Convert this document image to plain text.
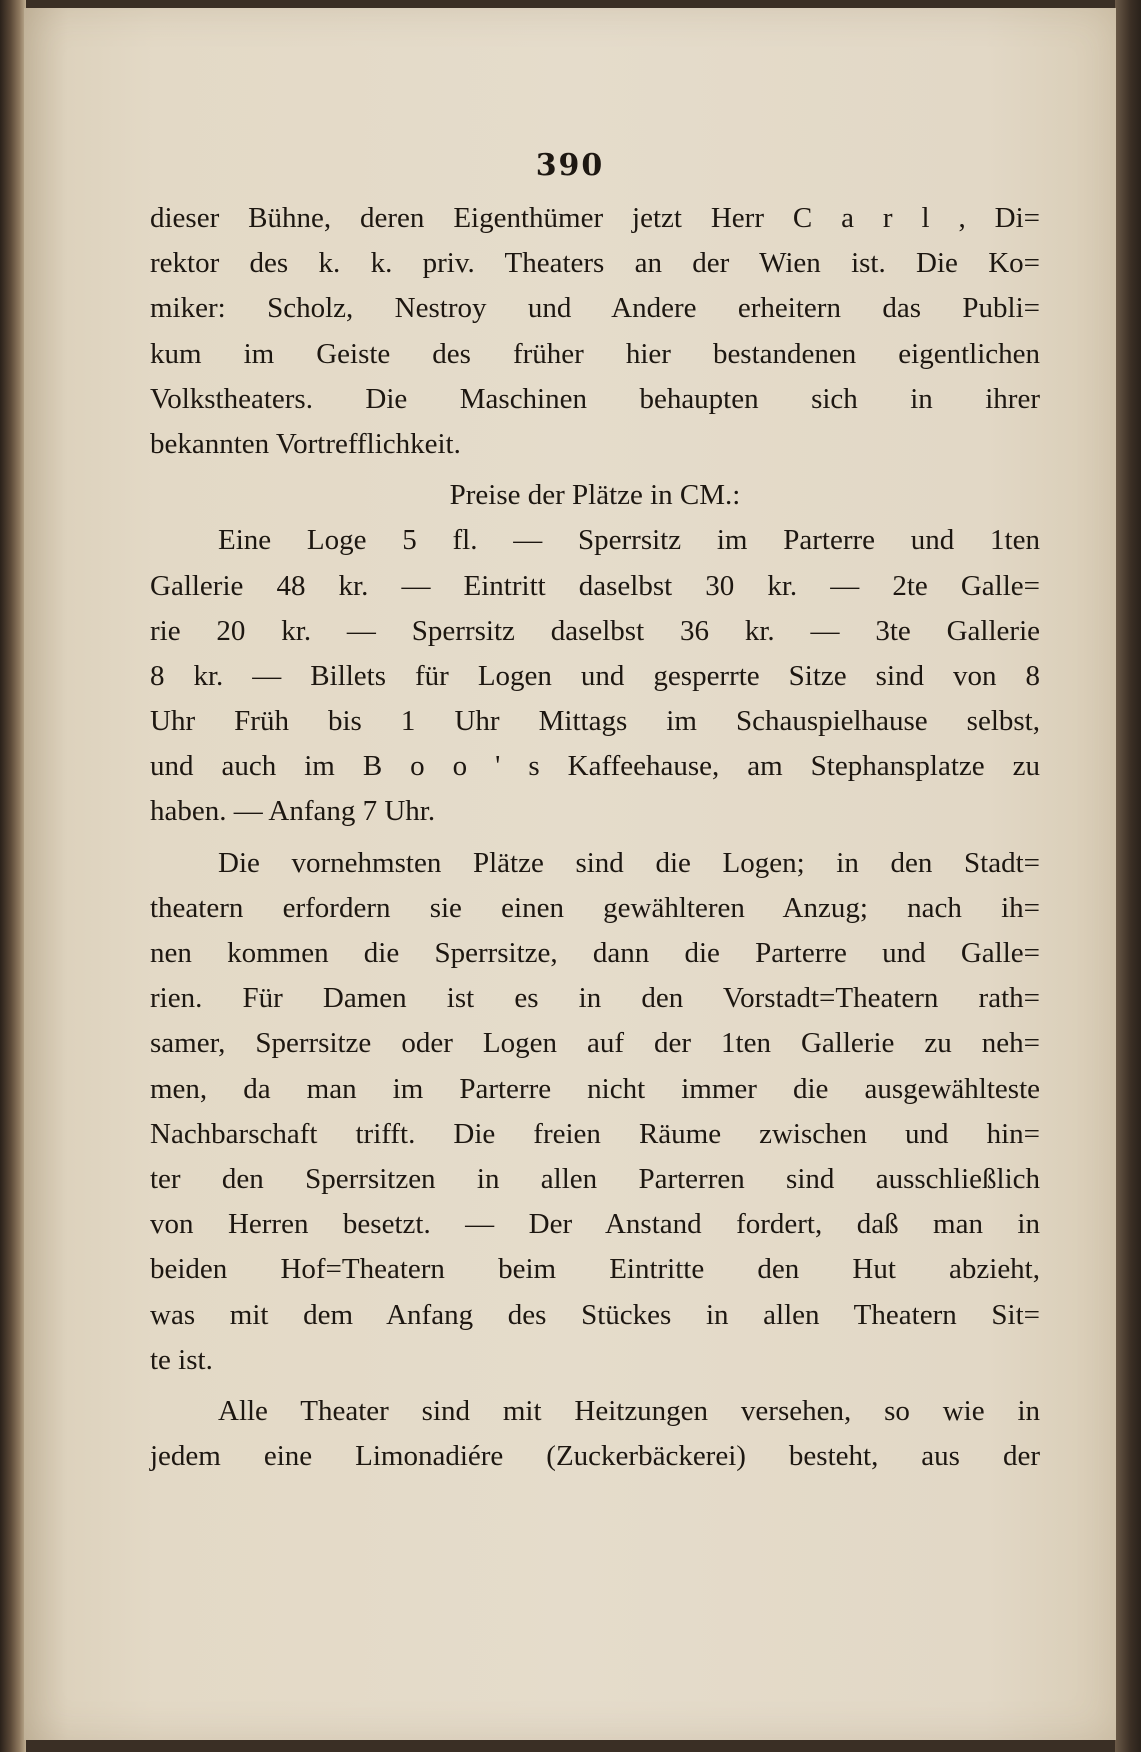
390
dieser Bühne, deren Eigenthümer jetzt Herr C a r l , Di=
rektor des k. k. priv. Theaters an der Wien ist. Die Ko=
miker: Scholz, Nestroy und Andere erheitern das Publi=
kum im Geiste des früher hier bestandenen eigentlichen
Volkstheaters. Die Maschinen behaupten sich in ihrer
bekannten Vortrefflichkeit.
Preise der Plätze in CM.:
Eine Loge 5 fl. — Sperrsitz im Parterre und 1ten
Gallerie 48 kr. — Eintritt daselbst 30 kr. — 2te Galle=
rie 20 kr. — Sperrsitz daselbst 36 kr. — 3te Gallerie
8 kr. — Billets für Logen und gesperrte Sitze sind von 8
Uhr Früh bis 1 Uhr Mittags im Schauspielhause selbst,
und auch im B o o ' s Kaffeehause, am Stephansplatze zu
haben. — Anfang 7 Uhr.
Die vornehmsten Plätze sind die Logen; in den Stadt=
theatern erfordern sie einen gewählteren Anzug; nach ih=
nen kommen die Sperrsitze, dann die Parterre und Galle=
rien. Für Damen ist es in den Vorstadt=Theatern rath=
samer, Sperrsitze oder Logen auf der 1ten Gallerie zu neh=
men, da man im Parterre nicht immer die ausgewählteste
Nachbarschaft trifft. Die freien Räume zwischen und hin=
ter den Sperrsitzen in allen Parterren sind ausschließlich
von Herren besetzt. — Der Anstand fordert, daß man in
beiden Hof=Theatern beim Eintritte den Hut abzieht,
was mit dem Anfang des Stückes in allen Theatern Sit=
te ist.
Alle Theater sind mit Heitzungen versehen, so wie in
jedem eine Limonadiére (Zuckerbäckerei) besteht, aus der
